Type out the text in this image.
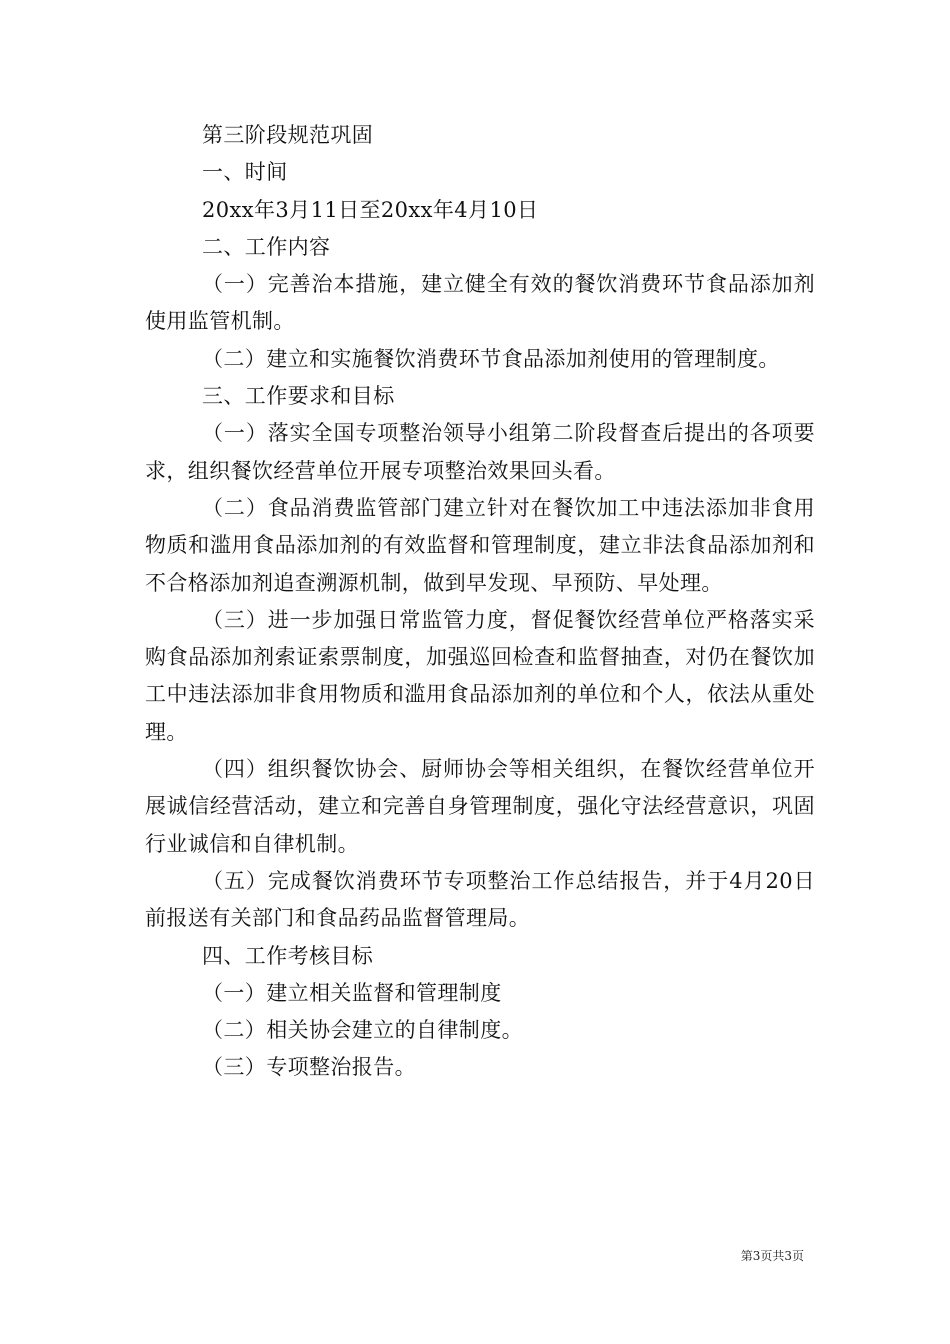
第三阶段规范巩固

一、时间

20xx年3月11日至20xx年4月10日

二、工作内容

（一）完善治本措施，建立健全有效的餐饮消费环节食品添加剂使用监管机制。

（二）建立和实施餐饮消费环节食品添加剂使用的管理制度。

三、工作要求和目标

（一）落实全国专项整治领导小组第二阶段督查后提出的各项要求，组织餐饮经营单位开展专项整治效果回头看。

（二）食品消费监管部门建立针对在餐饮加工中违法添加非食用物质和滥用食品添加剂的有效监督和管理制度，建立非法食品添加剂和不合格添加剂追查溯源机制，做到早发现、早预防、早处理。

（三）进一步加强日常监管力度，督促餐饮经营单位严格落实采购食品添加剂索证索票制度，加强巡回检查和监督抽查，对仍在餐饮加工中违法添加非食用物质和滥用食品添加剂的单位和个人，依法从重处理。

（四）组织餐饮协会、厨师协会等相关组织，在餐饮经营单位开展诚信经营活动，建立和完善自身管理制度，强化守法经营意识，巩固行业诚信和自律机制。

（五）完成餐饮消费环节专项整治工作总结报告，并于4月20日前报送有关部门和食品药品监督管理局。

四、工作考核目标

（一）建立相关监督和管理制度

（二）相关协会建立的自律制度。

（三）专项整治报告。

第3页共3页
